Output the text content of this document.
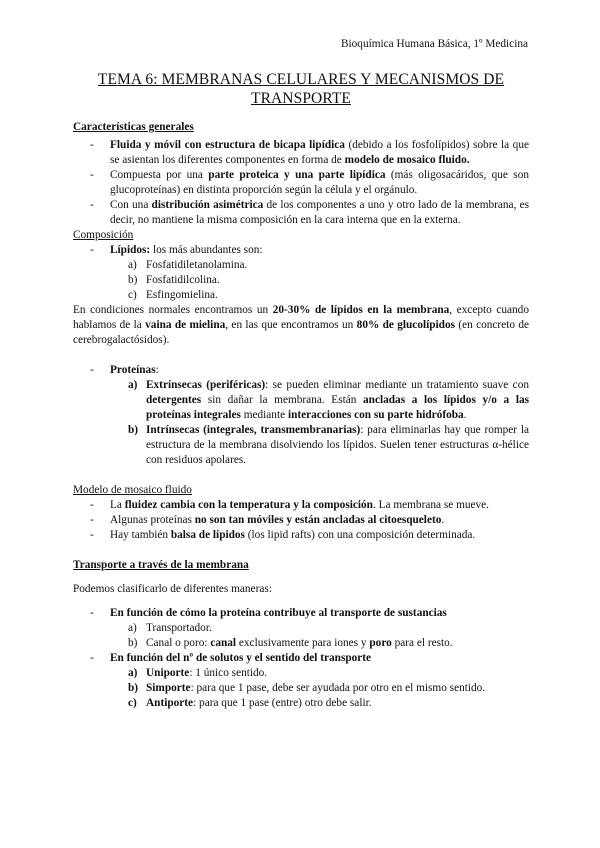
Bioquímica Humana Básica, 1º Medicina
TEMA 6: MEMBRANAS CELULARES Y MECANISMOS DE TRANSPORTE
Características generales
- Fluida y móvil con estructura de bicapa lipídica (debido a los fosfolípidos) sobre la que se asientan los diferentes componentes en forma de modelo de mosaico fluido.
- Compuesta por una parte proteica y una parte lipídica (más oligosacáridos, que son glucoproteínas) en distinta proporción según la célula y el orgánulo.
- Con una distribución asimétrica de los componentes a uno y otro lado de la membrana, es decir, no mantiene la misma composición en la cara interna que en la externa.
Composición
- Lípidos: los más abundantes son:
a) Fosfatidiletanolamina.
b) Fosfatidilcolina.
c) Esfingomielina.

En condiciones normales encontramos un 20-30% de lípidos en la membrana, excepto cuando hablamos de la vaina de mielina, en las que encontramos un 80% de glucolípidos (en concreto de cerebrogalactósidos).

- Proteínas:
a) Extrínsecas (periféricas): se pueden eliminar mediante un tratamiento suave con detergentes sin dañar la membrana. Están ancladas a los lípidos y/o a las proteínas integrales mediante interacciones con su parte hidrófoba.
b) Intrínsecas (integrales, transmembranarias): para eliminarlas hay que romper la estructura de la membrana disolviendo los lípidos. Suelen tener estructuras α-hélice con residuos apolares.
Modelo de mosaico fluido
- La fluidez cambia con la temperatura y la composición. La membrana se mueve.
- Algunas proteínas no son tan móviles y están ancladas al citoesqueleto.
- Hay también balsa de lípidos (los lipid rafts) con una composición determinada.
Transporte a través de la membrana

Podemos clasificarlo de diferentes maneras:

- En función de cómo la proteína contribuye al transporte de sustancias
a) Transportador.
b) Canal o poro: canal exclusivamente para iones y poro para el resto.
- En función del nº de solutos y el sentido del transporte
a) Uniporte: 1 único sentido.
b) Simporte: para que 1 pase, debe ser ayudada por otro en el mismo sentido.
c) Antiporte: para que 1 pase (entre) otro debe salir.
